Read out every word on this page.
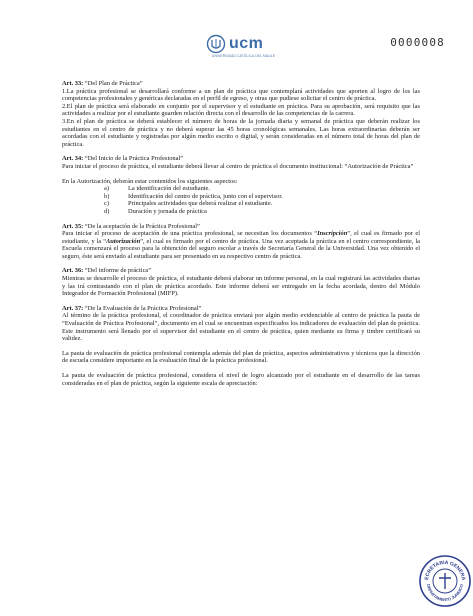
ucm
UNIVERSIDAD CATÓLICA DEL MAULE
0000008

Art. 33: “Del Plan de Práctica”

1.La práctica profesional se desarrollará conforme a un plan de práctica que contemplará actividades que aporten al logro de los las competencias profesionales y genéricas declaradas en el perfil de egreso, y otras que pudiese solicitar el centro de práctica.

2.El plan de práctica será elaborado en conjunto por el supervisor y el estudiante en práctica. Para su aprobación, será requisito que las actividades a realizar por el estudiante guarden relación directa con el desarrollo de las competencias de la carrera.

3.En el plan de práctica se deberá establecer el número de horas de la jornada diaria y semanal de práctica que deberán realizar los estudiantes en el centro de práctica y no deberá superar las 45 horas cronológicas semanales. Las horas extraordinarias deberán ser acordadas con el estudiante y registradas por algún medio escrito o digital, y serán consideradas en el número total de horas del plan de práctica.

Art. 34: “Del Inicio de la Práctica Profesional”

Para iniciar el proceso de práctica, el estudiante deberá llevar al centro de práctica el documento institucional: “Autorización de Práctica”

En la Autorización, deberán estar contenidos los siguientes aspectos:

a)	La identificación del estudiante.
b)	Identificación del centro de práctica, junto con el supervisor.
c)	Principales actividades que deberá realizar el estudiante.
d)	Duración y jornada de práctica

Art. 35: “De la aceptación de la Práctica Profesional”

Para iniciar el proceso de aceptación de una práctica profesional, se necesitan los documentos “Inscripción”, el cual es firmado por el estudiante, y la “Autorización”, el cual es firmado por el centro de práctica. Una vez aceptada la práctica en el centro correspondiente, la Escuela comenzará el proceso para la obtención del seguro escolar a través de Secretaría General de la Universidad. Una vez obtenido el seguro, éste será enviado al estudiante para ser presentado en su respectivo centro de práctica.

Art. 36: “Del informe de práctica”

Mientras se desarrolle el proceso de práctica, el estudiante deberá elaborar un informe personal, en la cual registrará las actividades diarias y las irá contrastando con el plan de práctica acordado. Este informe deberá ser entregado en la fecha acordada, dentro del Módulo Integrador de Formación Profesional (MIFP).

Art. 37: “De la Evaluación de la Práctica Profesional”

Al término de la práctica profesional, el coordinador de práctica enviará por algún medio evidenciable al centro de práctica la pauta de “Evaluación de Práctica Profesional”, documento en el cual se encuentran especificados los indicadores de evaluación del plan de práctica. Este instrumento será llenado por el supervisor del estudiante en el centro de práctica, quien mediante su firma y timbre certificará su validez.

La pauta de evaluación de práctica profesional contempla además del plan de práctica, aspectos administrativos y técnicos que la dirección de escuela considere importante en la evaluación final de la práctica profesional.

La pauta de evaluación de práctica profesional, considera el nivel de logro alcanzado por el estudiante en el desarrollo de las tareas consideradas en el plan de práctica, según la siguiente escala de apreciación:

ECRETARIA GENERA
DEPARTAMENTO JURIDICO
